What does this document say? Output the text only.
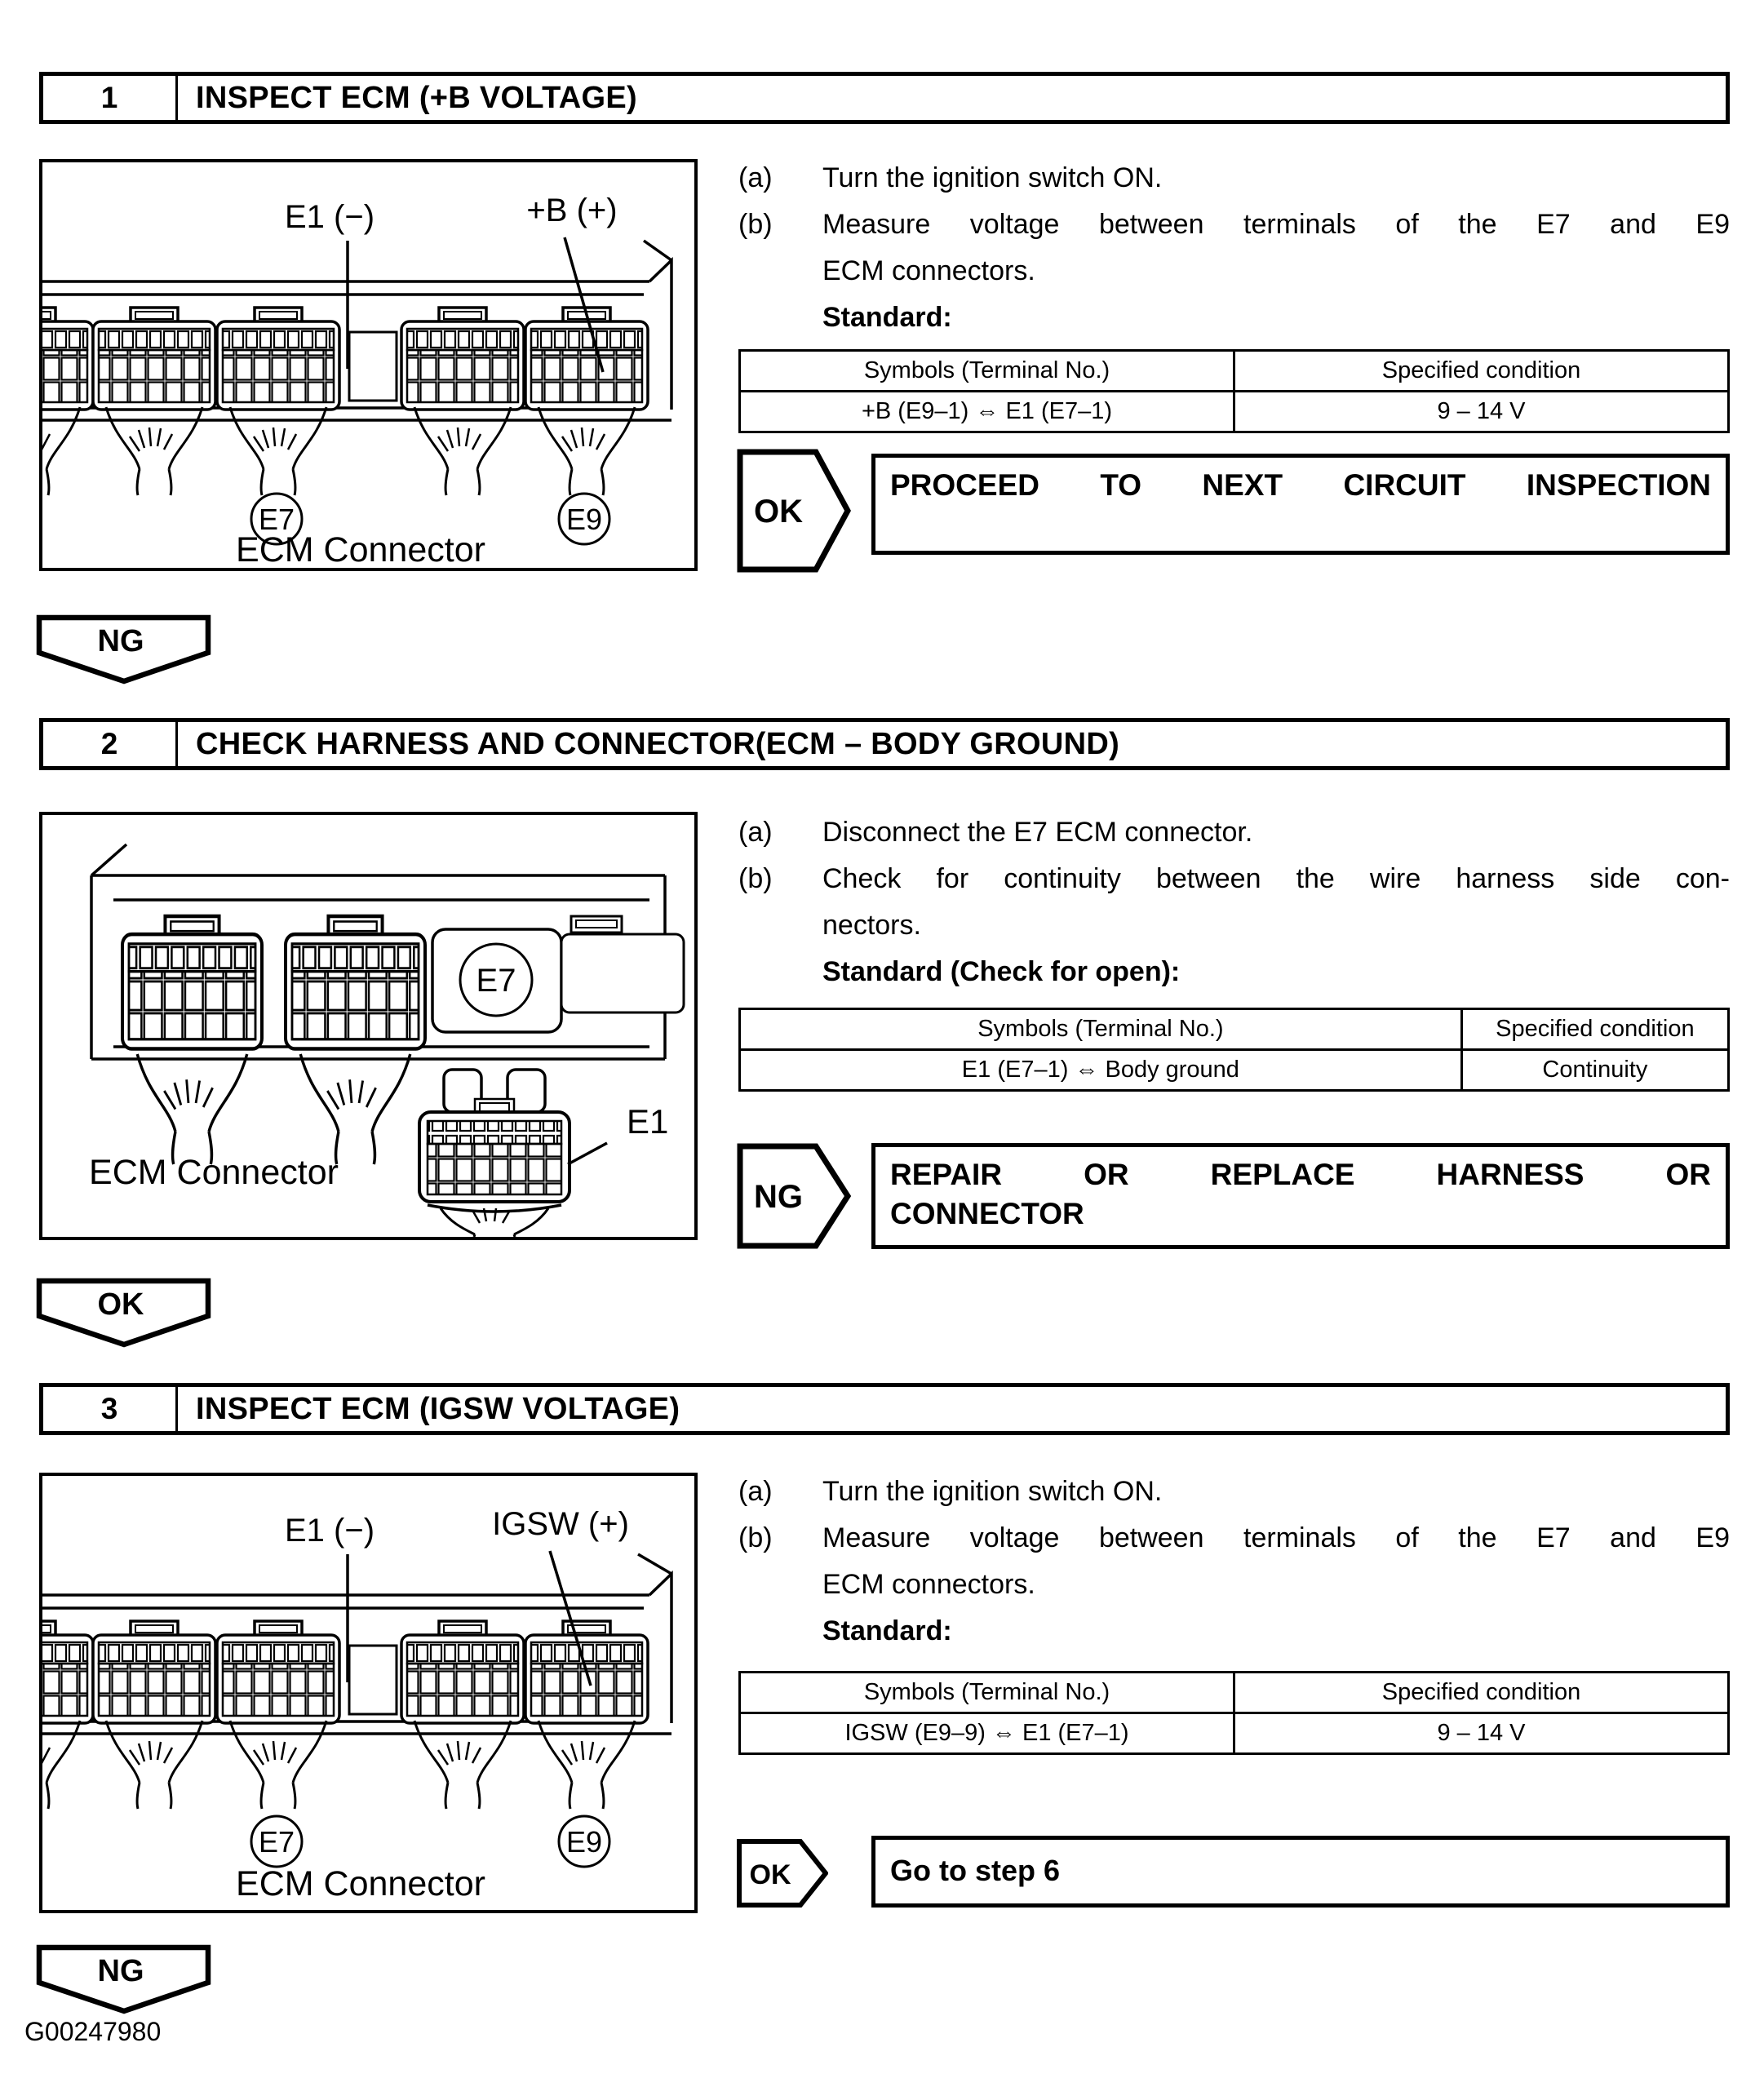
1	INSPECT ECM (+B VOLTAGE)
E1 (−)	+B (+)
E7	E9
ECM Connector
(a)	Turn the ignition switch ON.
(b)	Measure voltage between terminals of the E7 and E9
ECM connectors.
Standard:
Symbols (Terminal No.)	Specified condition
+B (E9–1) ⇔ E1 (E7–1)	9 – 14 V
OK
PROCEED TO NEXT CIRCUIT INSPECTION
NG
2	CHECK HARNESS AND CONNECTOR(ECM – BODY GROUND)
E7
E1
ECM Connector
(a)	Disconnect the E7 ECM connector.
(b)	Check for continuity between the wire harness side con-
nectors.
Standard (Check for open):
Symbols (Terminal No.)	Specified condition
E1 (E7–1) ⇔ Body ground	Continuity
NG
REPAIR OR REPLACE HARNESS OR
CONNECTOR
OK
3	INSPECT ECM (IGSW VOLTAGE)
E1 (−)	IGSW (+)
E7	E9
ECM Connector
(a)	Turn the ignition switch ON.
(b)	Measure voltage between terminals of the E7 and E9
ECM connectors.
Standard:
Symbols (Terminal No.)	Specified condition
IGSW (E9–9) ⇔ E1 (E7–1)	9 – 14 V
OK	Go to step 6
NG
G00247980
